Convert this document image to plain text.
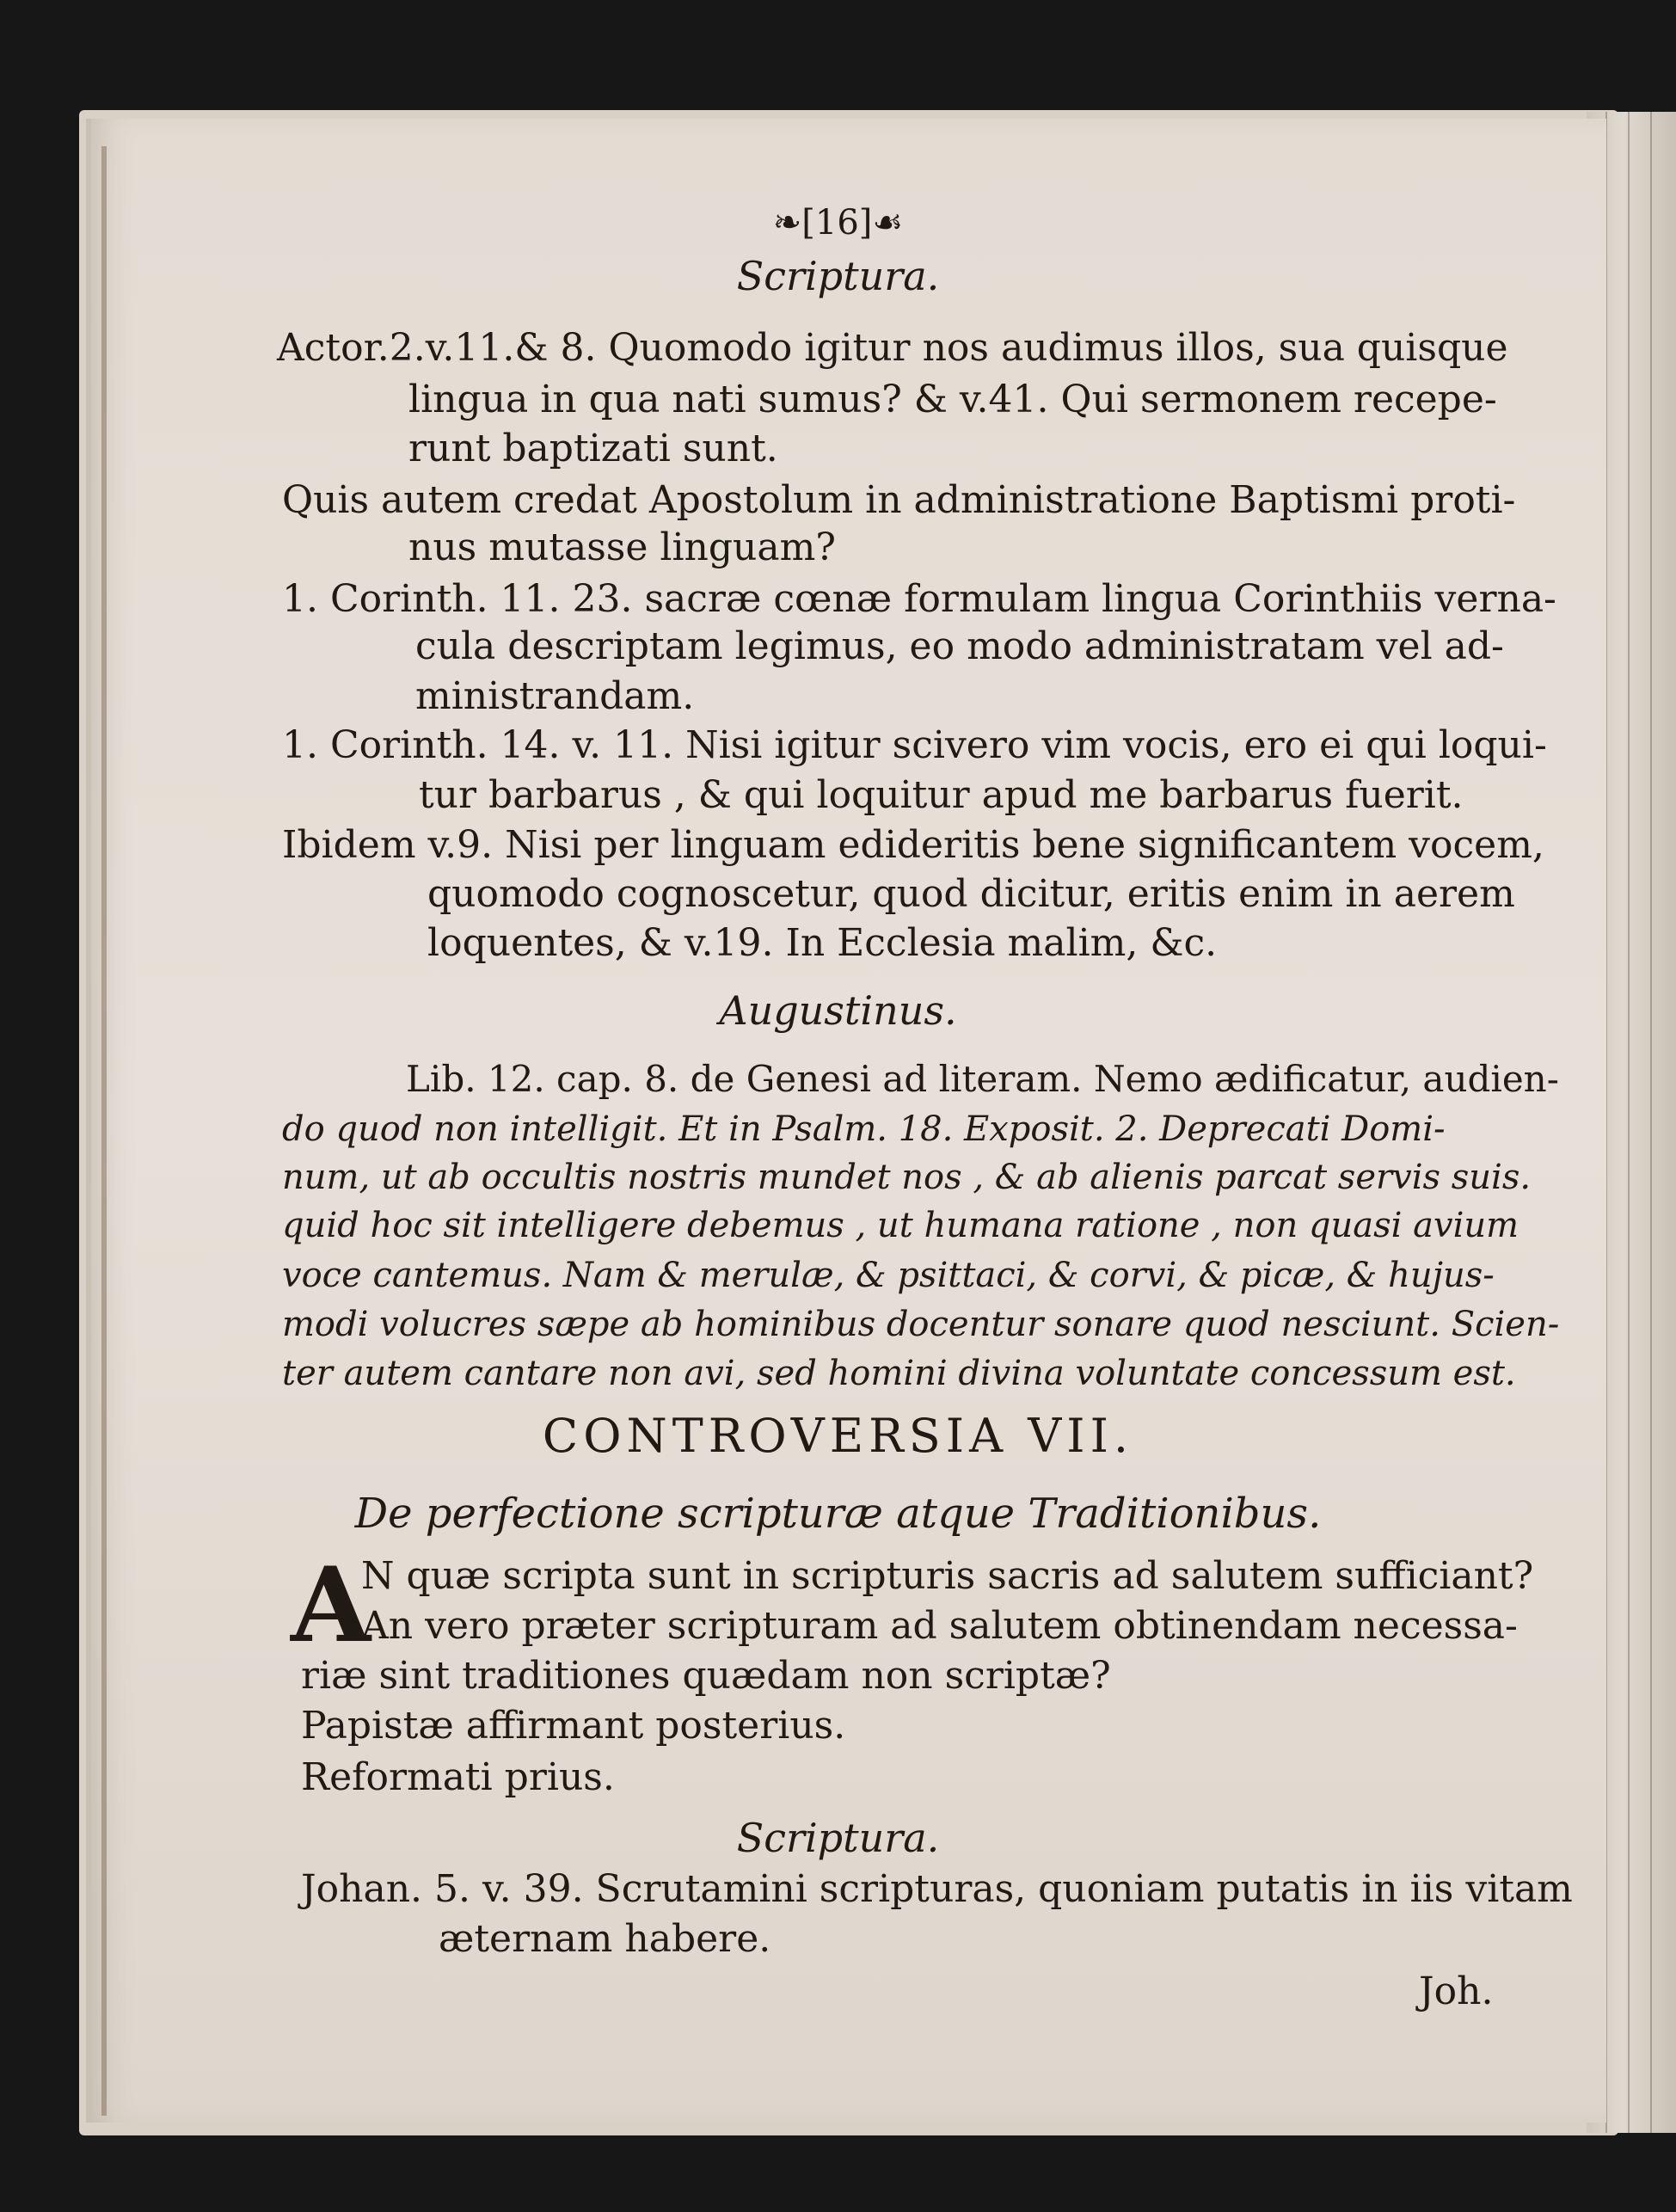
❧[16]☙
Scriptura.
Actor.2.v.11.& 8. Quomodo igitur nos audimus illos, sua quisque
lingua in qua nati sumus? & v.41. Qui sermonem recepe-
runt baptizati sunt.
Quis autem credat Apostolum in administratione Baptismi proti-
nus mutasse linguam?
1. Corinth. 11. 23. sacræ cœnæ formulam lingua Corinthiis verna-
cula descriptam legimus, eo modo administratam vel ad-
ministrandam.
1. Corinth. 14. v. 11. Nisi igitur scivero vim vocis, ero ei qui loqui-
tur barbarus , & qui loquitur apud me barbarus fuerit.
Ibidem v.9. Nisi per linguam edideritis bene significantem vocem,
quomodo cognoscetur, quod dicitur, eritis enim in aerem
loquentes, & v.19. In Ecclesia malim, &c.
Augustinus.
Lib. 12. cap. 8. de Genesi ad literam. Nemo ædificatur, audien-
do quod non intelligit. Et in Psalm. 18. Exposit. 2. Deprecati Domi-
num, ut ab occultis nostris mundet nos , & ab alienis parcat servis suis.
quid hoc sit intelligere debemus , ut humana ratione , non quasi avium
voce cantemus. Nam & merulæ, & psittaci, & corvi, & picæ, & hujus-
modi volucres sæpe ab hominibus docentur sonare quod nesciunt. Scien-
ter autem cantare non avi, sed homini divina voluntate concessum est.
CONTROVERSIA VII.
De perfectione scripturæ atque Traditionibus.
A
N quæ scripta sunt in scripturis sacris ad salutem sufficiant?
An vero præter scripturam ad salutem obtinendam necessa-
riæ sint traditiones quædam non scriptæ?
Papistæ affirmant posterius.
Reformati prius.
Scriptura.
Johan. 5. v. 39. Scrutamini scripturas, quoniam putatis in iis vitam
æternam habere.
Joh.
